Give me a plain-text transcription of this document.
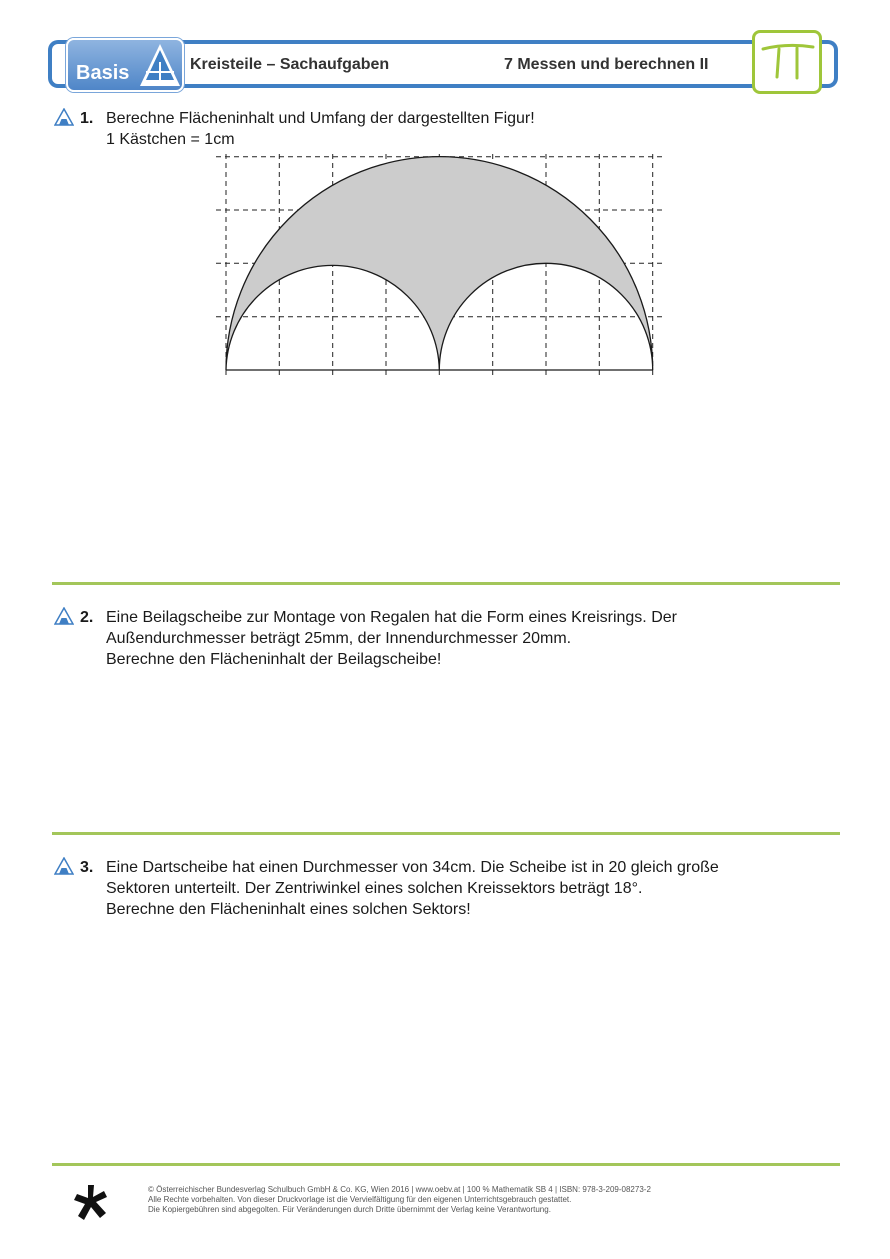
Basis	Kreisteile – Sachaufgaben	7 Messen und berechnen II
1. Berechne Flächeninhalt und Umfang der dargestellten Figur!
1 Kästchen = 1cm
2. Eine Beilagscheibe zur Montage von Regalen hat die Form eines Kreisrings. Der
Außendurchmesser beträgt 25mm, der Innendurchmesser 20mm.
Berechne den Flächeninhalt der Beilagscheibe!
3. Eine Dartscheibe hat einen Durchmesser von 34cm. Die Scheibe ist in 20 gleich große
Sektoren unterteilt. Der Zentriwinkel eines solchen Kreissektors beträgt 18°.
Berechne den Flächeninhalt eines solchen Sektors!
© Österreichischer Bundesverlag Schulbuch GmbH & Co. KG, Wien 2016 | www.oebv.at | 100 % Mathematik SB 4 | ISBN: 978-3-209-08273-2
Alle Rechte vorbehalten. Von dieser Druckvorlage ist die Vervielfältigung für den eigenen Unterrichtsgebrauch gestattet.
Die Kopiergebühren sind abgegolten. Für Veränderungen durch Dritte übernimmt der Verlag keine Verantwortung.
